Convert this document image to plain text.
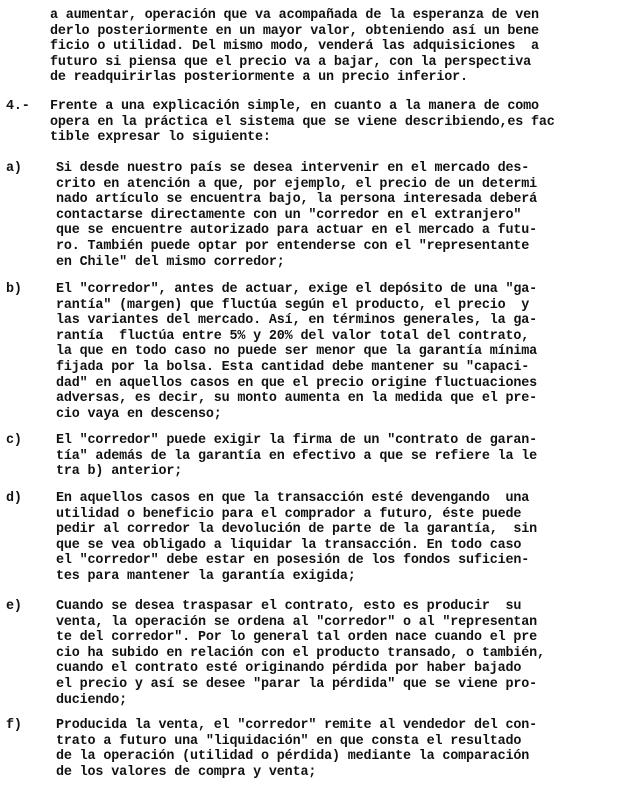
a aumentar, operación que va acompañada de la esperanza de ven
derlo posteriormente en un mayor valor, obteniendo así un bene
ficio o utilidad. Del mismo modo, venderá las adquisiciones  a
futuro si piensa que el precio va a bajar, con la perspectiva
de readquirirlas posteriormente a un precio inferior.
4.-	Frente a una explicación simple, en cuanto a la manera de como
opera en la práctica el sistema que se viene describiendo,es fac
tible expresar lo siguiente:
a)	Si desde nuestro país se desea intervenir en el mercado des-
crito en atención a que, por ejemplo, el precio de un determi
nado artículo se encuentra bajo, la persona interesada deberá
contactarse directamente con un "corredor en el extranjero"
que se encuentre autorizado para actuar en el mercado a futu-
ro. También puede optar por entenderse con el "representante
en Chile" del mismo corredor;
b)	El "corredor", antes de actuar, exige el depósito de una "ga-
rantía" (margen) que fluctúa según el producto, el precio  y
las variantes del mercado. Así, en términos generales, la ga-
rantía  fluctúa entre 5% y 20% del valor total del contrato,
la que en todo caso no puede ser menor que la garantía mínima
fijada por la bolsa. Esta cantidad debe mantener su "capaci-
dad" en aquellos casos en que el precio origine fluctuaciones
adversas, es decir, su monto aumenta en la medida que el pre-
cio vaya en descenso;
c)	El "corredor" puede exigir la firma de un "contrato de garan-
tía" además de la garantía en efectivo a que se refiere la le
tra b) anterior;
d)	En aquellos casos en que la transacción esté devengando  una
utilidad o beneficio para el comprador a futuro, éste puede
pedir al corredor la devolución de parte de la garantía,  sin
que se vea obligado a liquidar la transacción. En todo caso
el "corredor" debe estar en posesión de los fondos suficien-
tes para mantener la garantía exigida;
e)	Cuando se desea traspasar el contrato, esto es producir  su
venta, la operación se ordena al "corredor" o al "representan
te del corredor". Por lo general tal orden nace cuando el pre
cio ha subido en relación con el producto transado, o también,
cuando el contrato esté originando pérdida por haber bajado
el precio y así se desee "parar la pérdida" que se viene pro-
duciendo;
f)	Producida la venta, el "corredor" remite al vendedor del con-
trato a futuro una "liquidación" en que consta el resultado
de la operación (utilidad o pérdida) mediante la comparación
de los valores de compra y venta;
